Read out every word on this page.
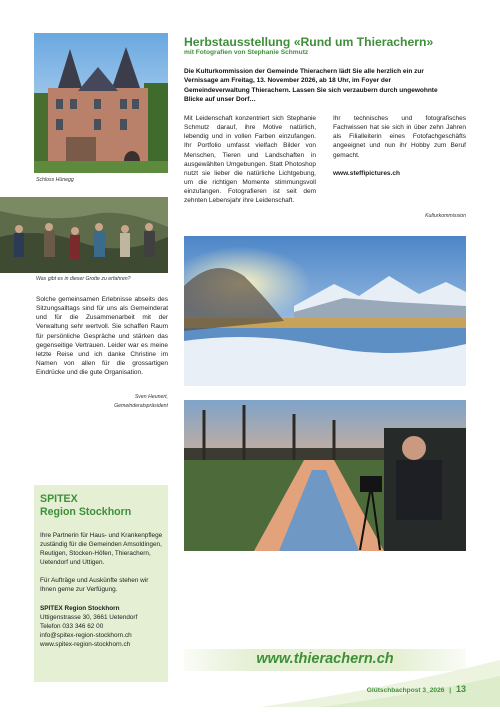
Schloss Hünegg
Was gibt es in dieser Grotte zu erfahren?
Herbstausstellung «Rund um Thierachern»
mit Fotografien von Stephanie Schmutz
Die Kulturkommission der Gemeinde Thierachern lädt Sie alle herzlich ein zur Vernissage am Freitag, 13. November 2026, ab 18 Uhr, im Foyer der Gemeindeverwaltung Thierachern. Lassen Sie sich verzaubern durch ungewohnte Blicke auf unser Dorf…

Mit Leidenschaft konzentriert sich Stephanie Schmutz darauf, ihre Motive natürlich, lebendig und in vollen Farben einzufangen. Ihr Portfolio umfasst vielfach Bilder von Menschen, Tieren und Landschaften in ausgewählten Umgebungen. Statt Photoshop nutzt sie lieber die natürliche Lichtgebung, um die richtigen Momente stimmungsvoll einzufangen. Fotografieren ist seit dem zehnten Lebensjahr ihre Leidenschaft.

Ihr technisches und fotografisches Fachwissen hat sie sich in über zehn Jahren als Filialleiterin eines Fotofachgeschäfts angeeignet und nun ihr Hobby zum Beruf gemacht.

www.steffipictures.ch

Kulturkommission
Solche gemeinsamen Erlebnisse abseits des Sitzungsalltags sind für uns als Gemeinderat und für die Zusammenarbeit mit der Verwaltung sehr wertvoll. Sie schaffen Raum für persönliche Gespräche und stärken das gegenseitige Vertrauen. Leider war es meine letzte Reise und ich danke Christine im Namen von allen für die grossartigen Eindrücke und die gute Organisation.
Sven Heunert,
Gemeinderatspräsident
SPITEX
Region Stockhorn

Ihre Partnerin für Haus- und Krankenpflege zuständig für die Gemeinden Amsoldingen, Reutigen, Stocken-Höfen, Thierachern, Uetendorf und Uttigen.

Für Aufträge und Auskünfte stehen wir Ihnen gerne zur Verfügung.

SPITEX Region Stockhorn
Uttigenstrasse 30, 3661 Uetendorf
Telefon 033 346 62 00
info@spitex-region-stockhorn.ch
www.spitex-region-stockhorn.ch
www.thierachern.ch
Glütschbachpost 3_2026 | 13
